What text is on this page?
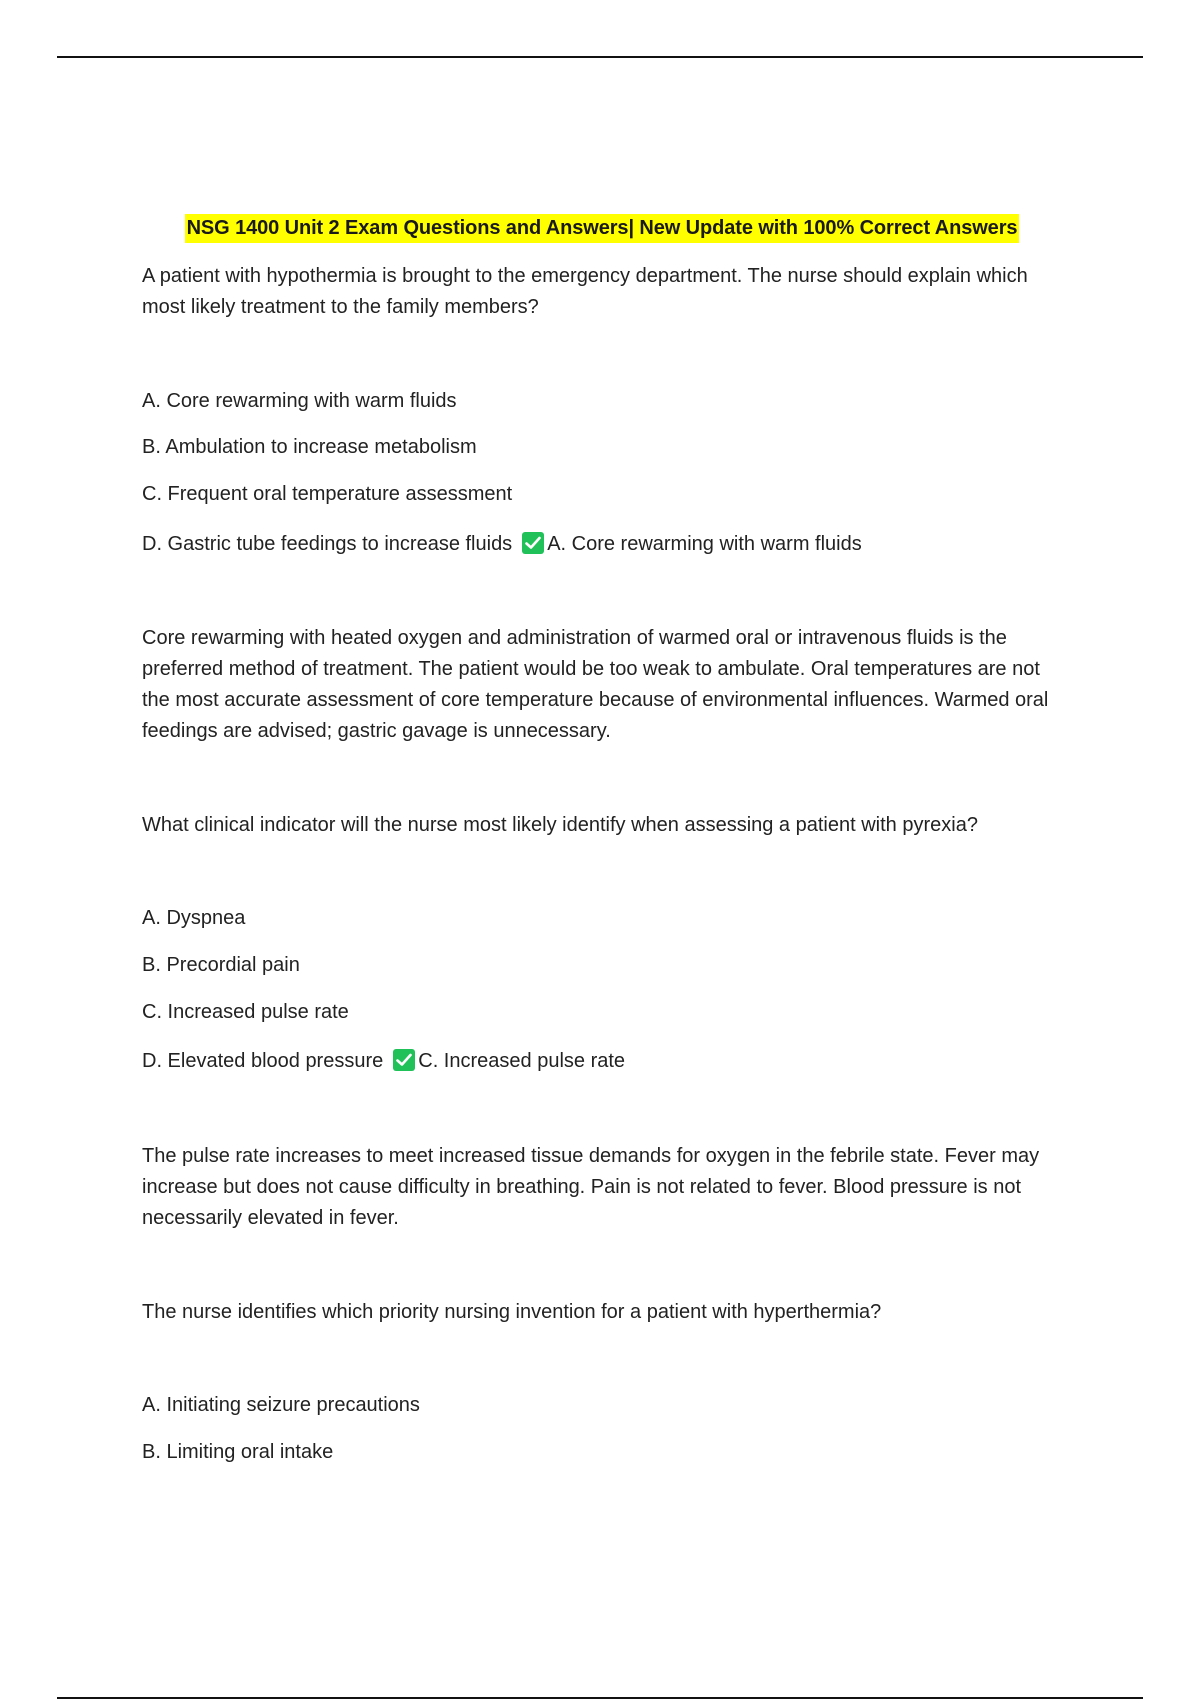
NSG 1400 Unit 2 Exam Questions and Answers| New Update with 100% Correct Answers
A patient with hypothermia is brought to the emergency department. The nurse should explain which most likely treatment to the family members?
A. Core rewarming with warm fluids
B. Ambulation to increase metabolism
C. Frequent oral temperature assessment
D. Gastric tube feedings to increase fluids A. Core rewarming with warm fluids
Core rewarming with heated oxygen and administration of warmed oral or intravenous fluids is the preferred method of treatment. The patient would be too weak to ambulate. Oral temperatures are not the most accurate assessment of core temperature because of environmental influences. Warmed oral feedings are advised; gastric gavage is unnecessary.
What clinical indicator will the nurse most likely identify when assessing a patient with pyrexia?
A. Dyspnea
B. Precordial pain
C. Increased pulse rate
D. Elevated blood pressure C. Increased pulse rate
The pulse rate increases to meet increased tissue demands for oxygen in the febrile state. Fever may increase but does not cause difficulty in breathing. Pain is not related to fever. Blood pressure is not necessarily elevated in fever.
The nurse identifies which priority nursing invention for a patient with hyperthermia?
A. Initiating seizure precautions
B. Limiting oral intake
